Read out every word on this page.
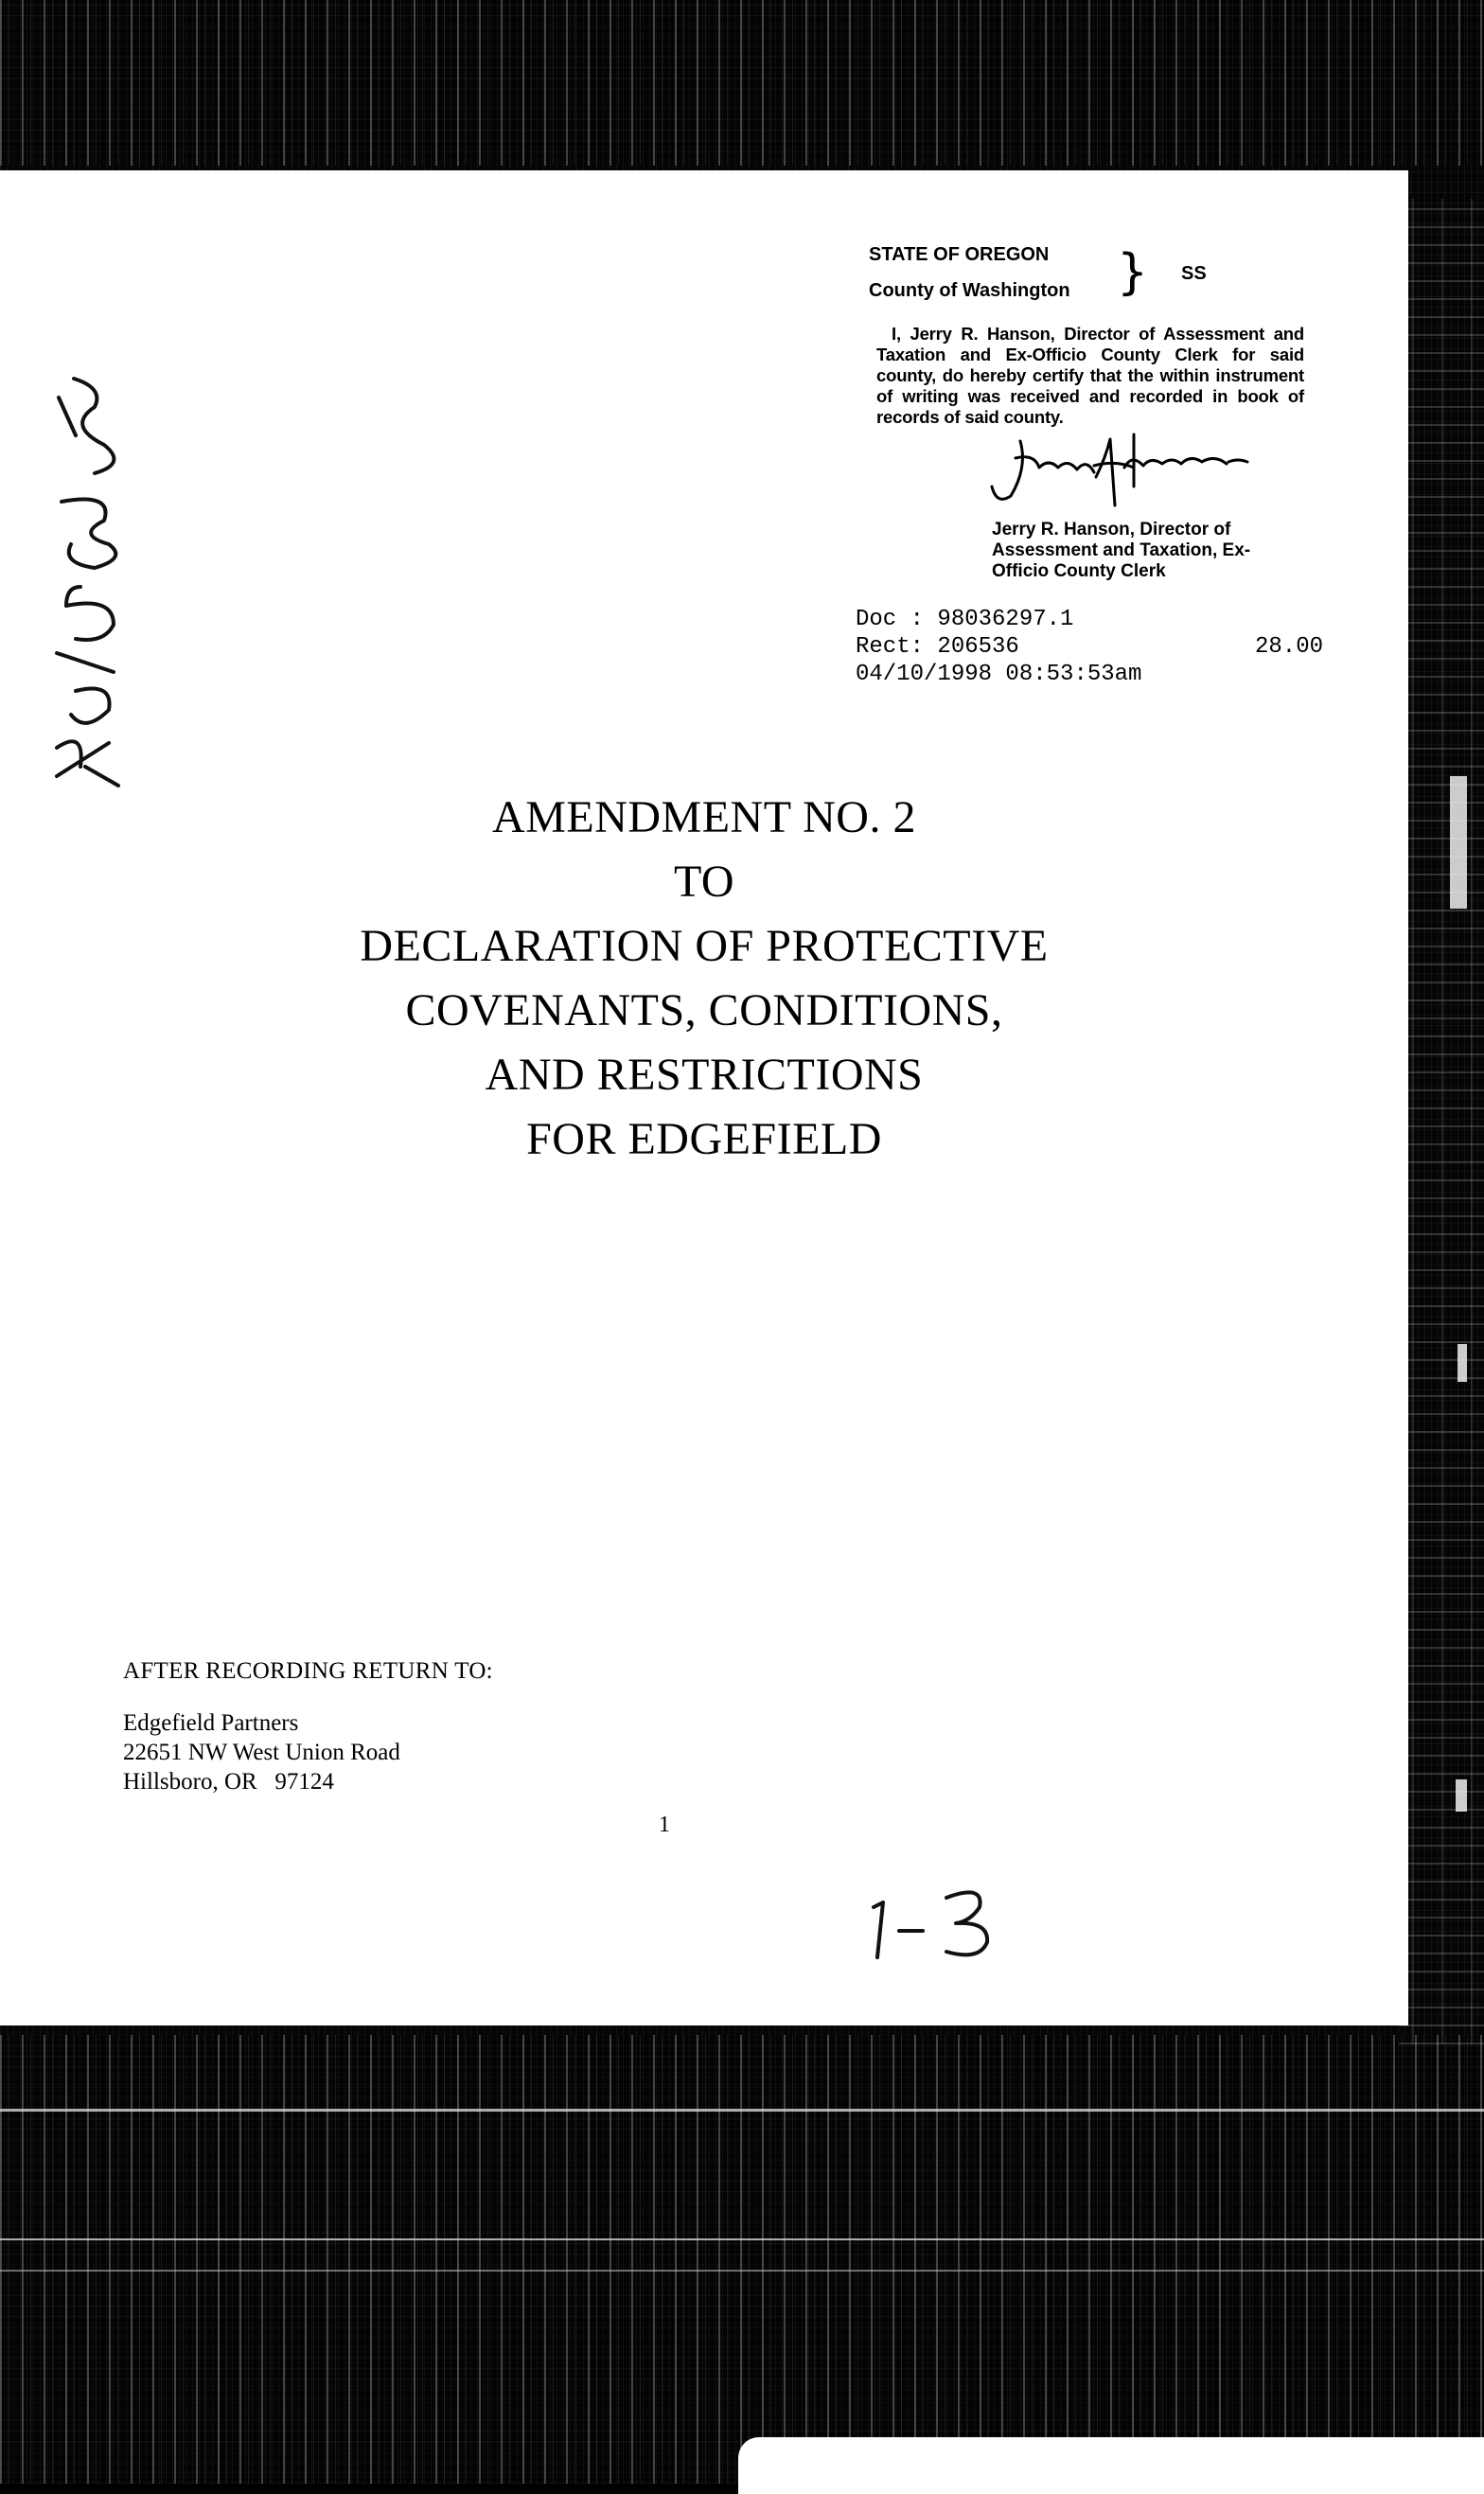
STATE OF OREGON
County of Washington } SS
I, Jerry R. Hanson, Director of Assessment and Taxation and Ex-Officio County Clerk for said county, do hereby certify that the within instrument of writing was received and recorded in book of records of said county.
Jerry R. Hanson, Director of Assessment and Taxation, Ex-Officio County Clerk
Doc : 98036297.1
Rect: 206536	28.00
04/10/1998 08:53:53am
AMENDMENT NO. 2
TO
DECLARATION OF PROTECTIVE
COVENANTS, CONDITIONS,
AND RESTRICTIONS
FOR EDGEFIELD
AFTER RECORDING RETURN TO:
Edgefield Partners
22651 NW West Union Road
Hillsboro, OR   97124
1
